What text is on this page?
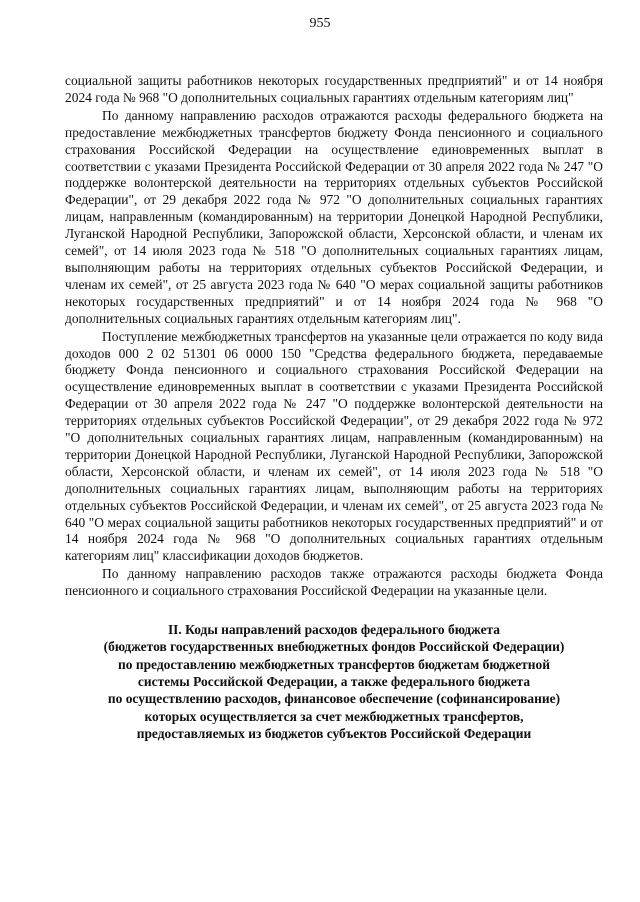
955

социальной защиты работников некоторых государственных предприятий" и от 14 ноября 2024 года № 968 "О дополнительных социальных гарантиях отдельным категориям лиц"

По данному направлению расходов отражаются расходы федерального бюджета на предоставление межбюджетных трансфертов бюджету Фонда пенсионного и социального страхования Российской Федерации на осуществление единовременных выплат в соответствии с указами Президента Российской Федерации от 30 апреля 2022 года № 247 "О поддержке волонтерской деятельности на территориях отдельных субъектов Российской Федерации", от 29 декабря 2022 года № 972 "О дополнительных социальных гарантиях лицам, направленным (командированным) на территории Донецкой Народной Республики, Луганской Народной Республики, Запорожской области, Херсонской области, и членам их семей", от 14 июля 2023 года № 518 "О дополнительных социальных гарантиях лицам, выполняющим работы на территориях отдельных субъектов Российской Федерации, и членам их семей", от 25 августа 2023 года № 640 "О мерах социальной защиты работников некоторых государственных предприятий" и от 14 ноября 2024 года № 968 "О дополнительных социальных гарантиях отдельным категориям лиц".

Поступление межбюджетных трансфертов на указанные цели отражается по коду вида доходов 000 2 02 51301 06 0000 150 "Средства федерального бюджета, передаваемые бюджету Фонда пенсионного и социального страхования Российской Федерации на осуществление единовременных выплат в соответствии с указами Президента Российской Федерации от 30 апреля 2022 года № 247 "О поддержке волонтерской деятельности на территориях отдельных субъектов Российской Федерации", от 29 декабря 2022 года № 972 "О дополнительных социальных гарантиях лицам, направленным (командированным) на территории Донецкой Народной Республики, Луганской Народной Республики, Запорожской области, Херсонской области, и членам их семей", от 14 июля 2023 года № 518 "О дополнительных социальных гарантиях лицам, выполняющим работы на территориях отдельных субъектов Российской Федерации, и членам их семей", от 25 августа 2023 года № 640 "О мерах социальной защиты работников некоторых государственных предприятий" и от 14 ноября 2024 года № 968 "О дополнительных социальных гарантиях отдельным категориям лиц" классификации доходов бюджетов.

По данному направлению расходов также отражаются расходы бюджета Фонда пенсионного и социального страхования Российской Федерации на указанные цели.

II. Коды направлений расходов федерального бюджета
(бюджетов государственных внебюджетных фондов Российской Федерации)
по предоставлению межбюджетных трансфертов бюджетам бюджетной
системы Российской Федерации, а также федерального бюджета
по осуществлению расходов, финансовое обеспечение (софинансирование)
которых осуществляется за счет межбюджетных трансфертов,
предоставляемых из бюджетов субъектов Российской Федерации
